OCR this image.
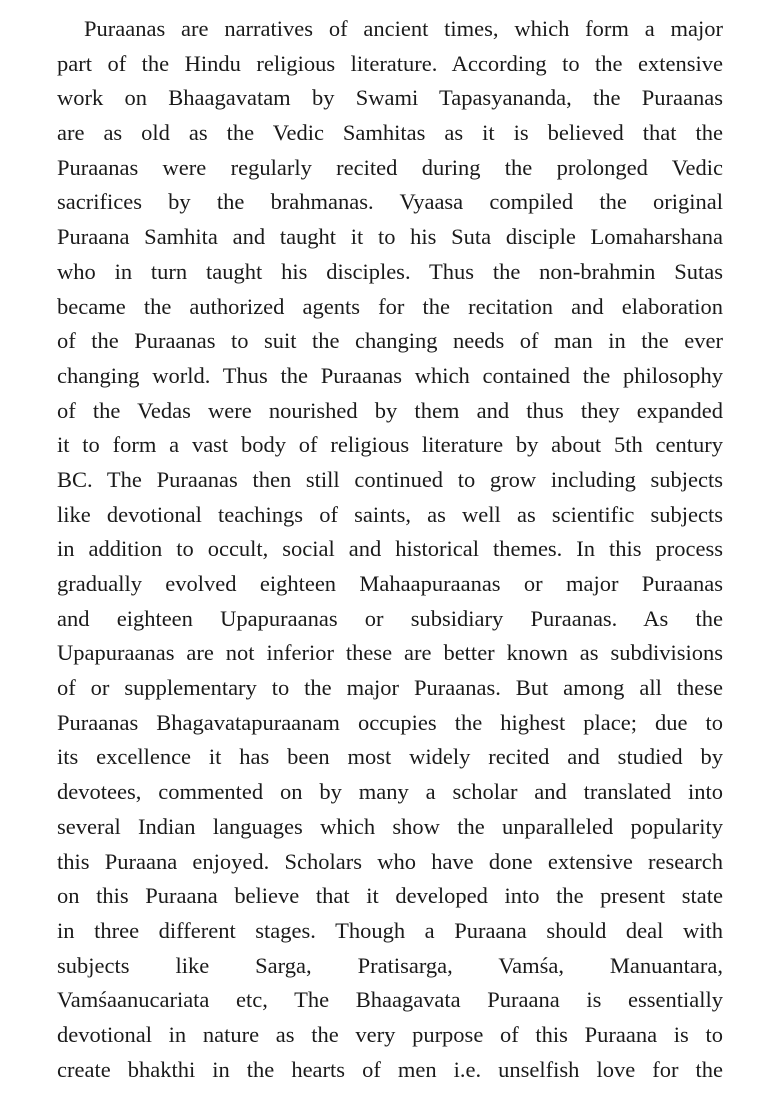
Puraanas are narratives of ancient times, which form a major
part of the Hindu religious literature. According to the extensive
work on Bhaagavatam by Swami Tapasyananda, the Puraanas
are as old as the Vedic Samhitas as it is believed that the
Puraanas were regularly recited during the prolonged Vedic
sacrifices by the brahmanas. Vyaasa compiled the original
Puraana Samhita and taught it to his Suta disciple Lomaharshana
who in turn taught his disciples. Thus the non-brahmin Sutas
became the authorized agents for the recitation and elaboration
of the Puraanas to suit the changing needs of man in the ever
changing world. Thus the Puraanas which contained the philosophy
of the Vedas were nourished by them and thus they expanded
it to form a vast body of religious literature by about 5th century
BC. The Puraanas then still continued to grow including subjects
like devotional teachings of saints, as well as scientific subjects
in addition to occult, social and historical themes. In this process
gradually evolved eighteen Mahaapuraanas or major Puraanas
and eighteen Upapuraanas or subsidiary Puraanas. As the
Upapuraanas are not inferior these are better known as subdivisions
of or supplementary to the major Puraanas. But among all these
Puraanas Bhagavatapuraanam occupies the highest place; due to
its excellence it has been most widely recited and studied by
devotees, commented on by many a scholar and translated into
several Indian languages which show the unparalleled popularity
this Puraana enjoyed. Scholars who have done extensive research
on this Puraana believe that it developed into the present state
in three different stages. Though a Puraana should deal with
subjects like Sarga, Pratisarga, Vamśa, Manuantara,
Vamśaanucariata etc, The Bhaagavata Puraana is essentially
devotional in nature as the very purpose of this Puraana is to
create bhakthi in the hearts of men i.e. unselfish love for the
